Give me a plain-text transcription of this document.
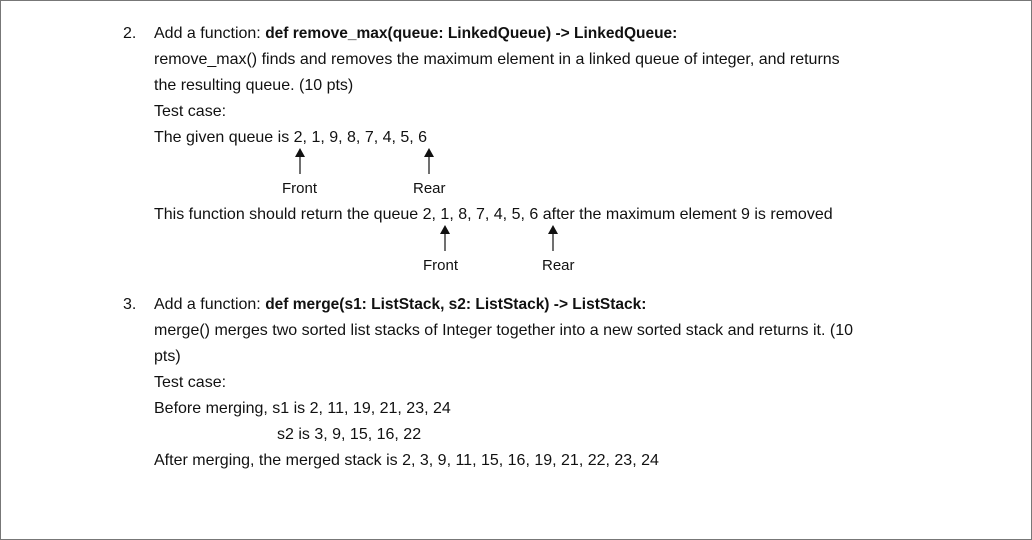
2. Add a function: def remove_max(queue: LinkedQueue) -> LinkedQueue:

remove_max() finds and removes the maximum element in a linked queue of integer, and returns

the resulting queue. (10 pts)

Test case:

The given queue is 2, 1, 9, 8, 7, 4, 5, 6

Front	Rear

This function should return the queue 2, 1, 8, 7, 4, 5, 6 after the maximum element 9 is removed

Front	Rear

3. Add a function: def merge(s1: ListStack, s2: ListStack) -> ListStack:

merge() merges two sorted list stacks of Integer together into a new sorted stack and returns it. (10

pts)

Test case:

Before merging, s1 is 2, 11, 19, 21, 23, 24

s2 is 3, 9, 15, 16, 22

After merging, the merged stack is 2, 3, 9, 11, 15, 16, 19, 21, 22, 23, 24
